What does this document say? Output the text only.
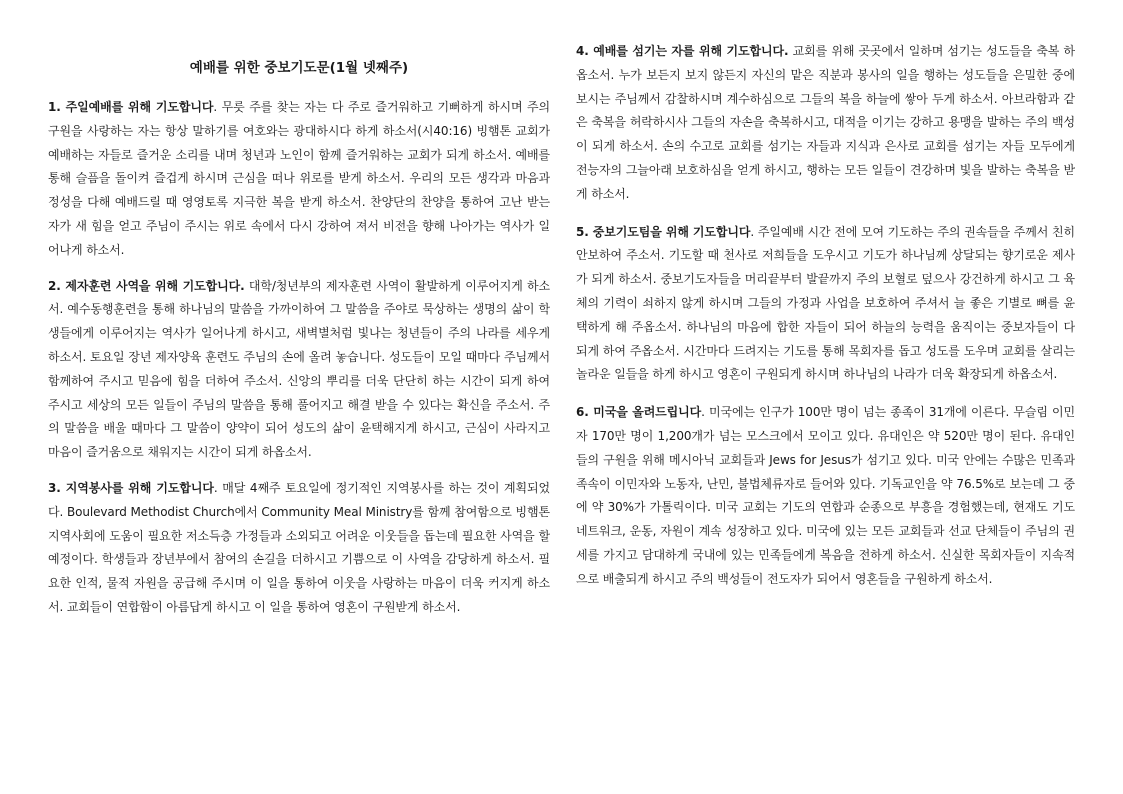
예배를 위한 중보기도문(1월 넷째주)

1. 주일예배를 위해 기도합니다. 무릇 주를 찾는 자는 다 주로 즐거워하고 기뻐하게 하시며 주의 구원을 사랑하는 자는 항상 말하기를 여호와는 광대하시다 하게 하소서(시40:16) 빙햄톤 교회가 예배하는 자들로 즐거운 소리를 내며 청년과 노인이 함께 즐거워하는 교회가 되게 하소서. 예배를 통해 슬픔을 돌이켜 즐겁게 하시며 근심을 떠나 위로를 받게 하소서. 우리의 모든 생각과 마음과 정성을 다해 예배드릴 때 영영토록 지극한 복을 받게 하소서. 찬양단의 찬양을 통하여 고난 받는 자가 새 힘을 얻고 주님이 주시는 위로 속에서 다시 강하여 져서 비전을 향해 나아가는 역사가 일어나게 하소서.

2. 제자훈련 사역을 위해 기도합니다. 대학/청년부의 제자훈련 사역이 활발하게 이루어지게 하소서. 예수동행훈련을 통해 하나님의 말씀을 가까이하여 그 말씀을 주야로 묵상하는 생명의 삶이 학생들에게 이루어지는 역사가 일어나게 하시고, 새벽별처럼 빛나는 청년들이 주의 나라를 세우게 하소서. 토요일 장년 제자양육 훈련도 주님의 손에 올려 놓습니다. 성도들이 모일 때마다 주님께서 함께하여 주시고 믿음에 힘을 더하여 주소서. 신앙의 뿌리를 더욱 단단히 하는 시간이 되게 하여 주시고 세상의 모든 일들이 주님의 말씀을 통해 풀어지고 해결 받을 수 있다는 확신을 주소서. 주의 말씀을 배울 때마다 그 말씀이 양약이 되어 성도의 삶이 윤택해지게 하시고, 근심이 사라지고 마음이 즐거움으로 채워지는 시간이 되게 하옵소서.

3. 지역봉사를 위해 기도합니다. 매달 4째주 토요일에 정기적인 지역봉사를 하는 것이 계획되었다. Boulevard Methodist Church에서 Community Meal Ministry를 함께 참여함으로 빙햄톤 지역사회에 도움이 필요한 저소득층 가정들과 소외되고 어려운 이웃들을 돕는데 필요한 사역을 할 예정이다. 학생들과 장년부에서 참여의 손길을 더하시고 기쁨으로 이 사역을 감당하게 하소서. 필요한 인적, 물적 자원을 공급해 주시며 이 일을 통하여 이웃을 사랑하는 마음이 더욱 커지게 하소서. 교회들이 연합함이 아름답게 하시고 이 일을 통하여 영혼이 구원받게 하소서.

4. 예배를 섬기는 자를 위해 기도합니다. 교회를 위해 곳곳에서 일하며 섬기는 성도들을 축복 하옵소서. 누가 보든지 보지 않든지 자신의 맡은 직분과 봉사의 일을 행하는 성도들을 은밀한 중에 보시는 주님께서 감찰하시며 계수하심으로 그들의 복을 하늘에 쌓아 두게 하소서. 아브라함과 같은 축복을 허락하시사 그들의 자손을 축복하시고, 대적을 이기는 강하고 용맹을 발하는 주의 백성이 되게 하소서. 손의 수고로 교회를 섬기는 자들과 지식과 은사로 교회를 섬기는 자들 모두에게 전능자의 그늘아래 보호하심을 얻게 하시고, 행하는 모든 일들이 견강하며 빛을 발하는 축복을 받게 하소서.

5. 중보기도팀을 위해 기도합니다. 주일예배 시간 전에 모여 기도하는 주의 권속들을 주께서 친히 안보하여 주소서. 기도할 때 천사로 저희들을 도우시고 기도가 하나님께 상달되는 향기로운 제사가 되게 하소서. 중보기도자들을 머리끝부터 발끝까지 주의 보혈로 덮으사 강건하게 하시고 그 육체의 기력이 쇠하지 않게 하시며 그들의 가정과 사업을 보호하여 주셔서 늘 좋은 기별로 뼈를 윤택하게 해 주옵소서. 하나님의 마음에 합한 자들이 되어 하늘의 능력을 움직이는 중보자들이 다 되게 하여 주옵소서. 시간마다 드려지는 기도를 통해 목회자를 돕고 성도를 도우며 교회를 살리는 놀라운 일들을 하게 하시고 영혼이 구원되게 하시며 하나님의 나라가 더욱 확장되게 하옵소서.

6. 미국을 올려드립니다. 미국에는 인구가 100만 명이 넘는 종족이 31개에 이른다. 무슬림 이민자 170만 명이 1,200개가 넘는 모스크에서 모이고 있다. 유대인은 약 520만 명이 된다. 유대인들의 구원을 위해 메시아닉 교회들과 Jews for Jesus가 섬기고 있다. 미국 안에는 수많은 민족과 족속이 이민자와 노동자, 난민, 불법체류자로 들어와 있다. 기독교인을 약 76.5%로 보는데 그 중에 약 30%가 가톨릭이다. 미국 교회는 기도의 연합과 순종으로 부흥을 경험했는데, 현재도 기도 네트워크, 운동, 자원이 계속 성장하고 있다. 미국에 있는 모든 교회들과 선교 단체들이 주님의 권세를 가지고 담대하게 국내에 있는 민족들에게 복음을 전하게 하소서. 신실한 목회자들이 지속적으로 배출되게 하시고 주의 백성들이 전도자가 되어서 영혼들을 구원하게 하소서.
